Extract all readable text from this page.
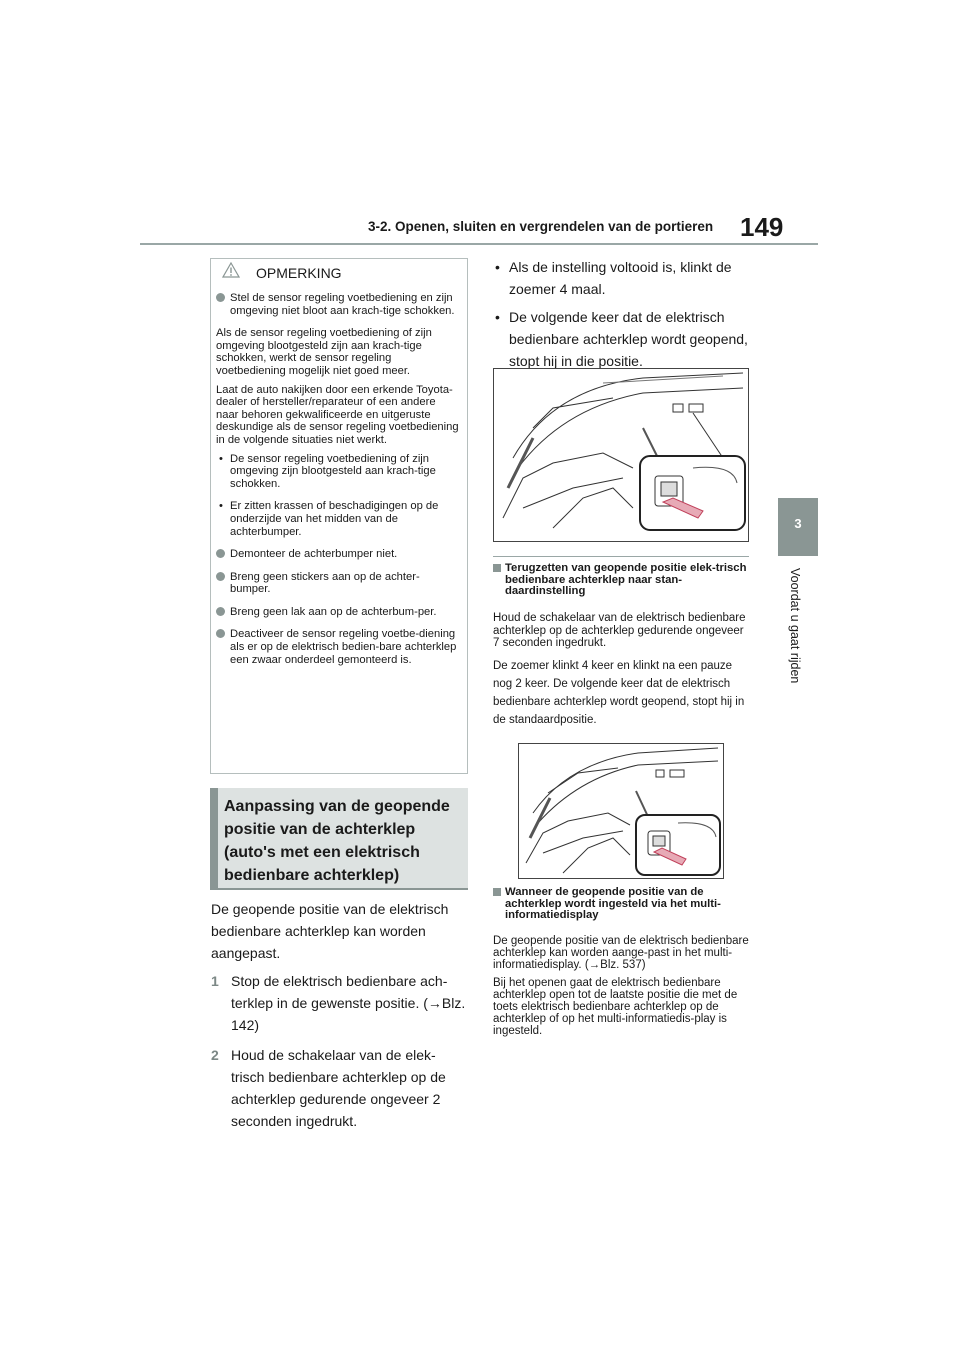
3-2. Openen, sluiten en vergrendelen van de portieren 149
3
Voordat u gaat rijden
OPMERKING
Stel de sensor regeling voetbediening en zijn omgeving niet bloot aan krach-tige schokken.

Als de sensor regeling voetbediening of zijn omgeving blootgesteld zijn aan krach-tige schokken, werkt de sensor regeling voetbediening mogelijk niet goed meer.

Laat de auto nakijken door een erkende Toyota-dealer of hersteller/reparateur of een andere naar behoren gekwalificeerde en uitgeruste deskundige als de sensor regeling voetbediening in de volgende situaties niet werkt.

• De sensor regeling voetbediening of zijn omgeving zijn blootgesteld aan krach-tige schokken.
• Er zitten krassen of beschadigingen op de onderzijde van het midden van de achterbumper.
Demonteer de achterbumper niet.
Breng geen stickers aan op de achter-bumper.
Breng geen lak aan op de achterbum-per.
Deactiveer de sensor regeling voetbe-diening als er op de elektrisch bedien-bare achterklep een zwaar onderdeel gemonteerd is.
Aanpassing van de geopende positie van de achterklep (auto's met een elektrisch bedienbare achterklep)

De geopende positie van de elektrisch bedienbare achterklep kan worden aangepast.

1 Stop de elektrisch bedienbare ach-terklep in de gewenste positie. (→Blz. 142)
2 Houd de schakelaar van de elek-trisch bedienbare achterklep op de achterklep gedurende ongeveer 2 seconden ingedrukt.
• Als de instelling voltooid is, klinkt de zoemer 4 maal.
• De volgende keer dat de elektrisch bedienbare achterklep wordt geopend, stopt hij in die positie.
Terugzetten van geopende positie elek-trisch bedienbare achterklep naar stan-daardinstelling

Houd de schakelaar van de elektrisch bedienbare achterklep op de achterklep gedurende ongeveer 7 seconden ingedrukt.

De zoemer klinkt 4 keer en klinkt na een pauze nog 2 keer. De volgende keer dat de elektrisch bedienbare achterklep wordt geopend, stopt hij in de standaardpositie.

Wanneer de geopende positie van de achterklep wordt ingesteld via het multi-informatiedisplay

De geopende positie van de elektrisch bedienbare achterklep kan worden aange-past in het multi-informatiedisplay. (→Blz. 537)

Bij het openen gaat de elektrisch bedienbare achterklep open tot de laatste positie die met de toets elektrisch bedienbare achterklep op de achterklep of op het multi-informatiedis-play is ingesteld.
